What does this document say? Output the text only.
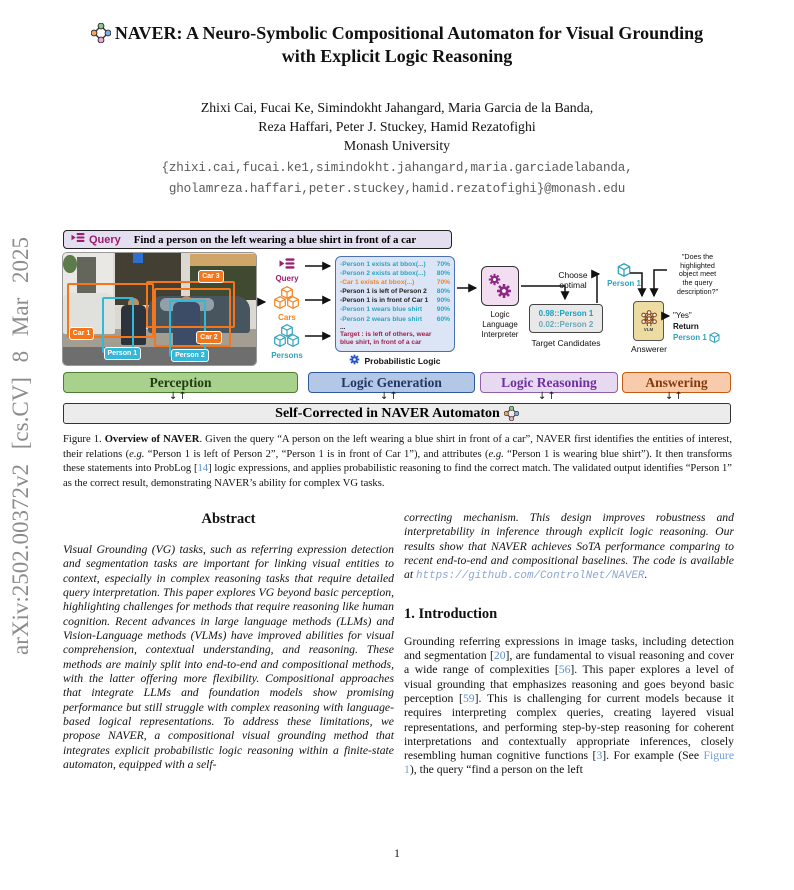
arXiv:2502.00372v2 [cs.CV] 8 Mar 2025
NAVER: A Neuro-Symbolic Compositional Automaton for Visual Grounding
with Explicit Logic Reasoning
Zhixi Cai, Fucai Ke, Simindokht Jahangard, Maria Garcia de la Banda,
Reza Haffari, Peter J. Stuckey, Hamid Rezatofighi
Monash University
{zhixi.cai,fucai.ke1,simindokht.jahangard,maria.garciadelabanda,
gholamreza.haffari,peter.stuckey,hamid.rezatofighi}@monash.edu
Query Find a person on the left wearing a blue shirt in front of a car
Car 1
Car 2
Car 3
Person 1	Person 2
Query
Cars
Persons
-Person 1 exists at bbox(...) 70%
-Person 2 exists at bbox(...) 80%
-Car 1 exists at bbox(...)	70%
-Person 1 is left of Person 2 80%
-Person 1 is in front of Car 1 90%
-Person 1 wears blue shirt 90%
-Person 2 wears blue shirt 60%
...
Target : is left of others, wear
blue shirt, in front of a car
Probabilistic Logic
Logic
Language
Interpreter
Choose
optimal
0.98::Person 1
0.02::Person 2
Target Candidates

Person 1
VLM
Answerer
"Does the
highlighted
object meet
the query
description?"
"Yes"
Return
Person 1
Perception	Logic Generation	Logic Reasoning	Answering
↓↑	↓↑	↓↑	↓↑
Self-Corrected in NAVER Automaton
Figure 1. Overview of NAVER. Given the query “A person on the left wearing a blue shirt in front of a car”, NAVER first identifies the entities of interest, their relations (e.g. “Person 1 is left of Person 2”, “Person 1 is in front of Car 1”), and attributes (e.g. “Person 1 is wearing blue shirt”). It then transforms these statements into ProbLog [14] logic expressions, and applies probabilistic reasoning to find the correct match. The validated output identifies “Person 1” as the correct result, demonstrating NAVER’s ability for complex VG tasks.
Abstract
Visual Grounding (VG) tasks, such as referring expression detection and segmentation tasks are important for linking visual entities to context, especially in complex reasoning tasks that require detailed query interpretation. This paper explores VG beyond basic perception, highlighting challenges for methods that require reasoning like human cognition. Recent advances in large language methods (LLMs) and Vision-Language methods (VLMs) have improved abilities for visual comprehension, contextual understanding, and reasoning. These methods are mainly split into end-to-end and compositional methods, with the latter offering more flexibility. Compositional approaches that integrate LLMs and foundation models show promising performance but still struggle with complex reasoning with language-based logical representations. To address these limitations, we propose NAVER, a compositional visual grounding method that integrates explicit probabilistic logic reasoning within a finite-state automaton, equipped with a self-
correcting mechanism. This design improves robustness and interpretability in inference through explicit logic reasoning. Our results show that NAVER achieves SoTA performance comparing to recent end-to-end and compositional baselines. The code is available at https://github.com/ControlNet/NAVER.
1. Introduction
Grounding referring expressions in image tasks, including detection and segmentation [20], are fundamental to visual reasoning and cover a wide range of complexities [56]. This paper explores a level of visual grounding that emphasizes reasoning and goes beyond basic perception [59]. This is challenging for current models because it requires interpreting complex queries, creating layered visual representations, and performing step-by-step reasoning for coherent interpretations and contextually appropriate inferences, closely resembling human cognitive functions [3]. For example (See Figure 1), the query “find a person on the left
1
